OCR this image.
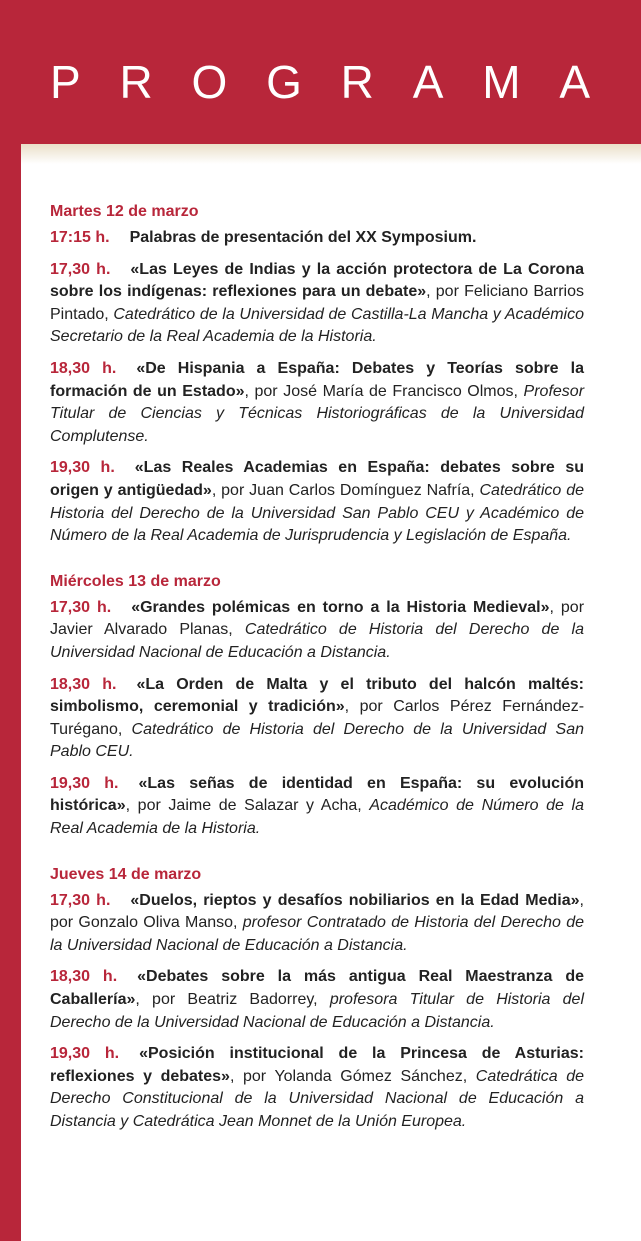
P R O G R A M A
Martes 12 de marzo

17:15 h. Palabras de presentación del XX Symposium.

17,30 h. «Las Leyes de Indias y la acción protectora de La Corona sobre los indígenas: reflexiones para un debate», por Feliciano Barrios Pintado, Catedrático de la Universidad de Castilla-La Mancha y Académico Secretario de la Real Academia de la Historia.

18,30 h. «De Hispania a España: Debates y Teorías sobre la formación de un Estado», por José María de Francisco Olmos, Profesor Titular de Ciencias y Técnicas Historiográficas de la Universidad Complutense.

19,30 h. «Las Reales Academias en España: debates sobre su origen y antigüedad», por Juan Carlos Domínguez Nafría, Catedrático de Historia del Derecho de la Universidad San Pablo CEU y Académico de Número de la Real Academia de Jurisprudencia y Legislación de España.

Miércoles 13 de marzo

17,30 h. «Grandes polémicas en torno a la Historia Medieval», por Javier Alvarado Planas, Catedrático de Historia del Derecho de la Universidad Nacional de Educación a Distancia.

18,30 h. «La Orden de Malta y el tributo del halcón maltés: simbolismo, ceremonial y tradición», por Carlos Pérez Fernández-Turégano, Catedrático de Historia del Derecho de la Universidad San Pablo CEU.

19,30 h. «Las señas de identidad en España: su evolución histórica», por Jaime de Salazar y Acha, Académico de Número de la Real Academia de la Historia.

Jueves 14 de marzo

17,30 h. «Duelos, rieptos y desafíos nobiliarios en la Edad Media», por Gonzalo Oliva Manso, profesor Contratado de Historia del Derecho de la Universidad Nacional de Educación a Distancia.

18,30 h. «Debates sobre la más antigua Real Maestranza de Caballería», por Beatriz Badorrey, profesora Titular de Historia del Derecho de la Universidad Nacional de Educación a Distancia.

19,30 h. «Posición institucional de la Princesa de Asturias: reflexiones y debates», por Yolanda Gómez Sánchez, Catedrática de Derecho Constitucional de la Universidad Nacional de Educación a Distancia y Catedrática Jean Monnet de la Unión Europea.
